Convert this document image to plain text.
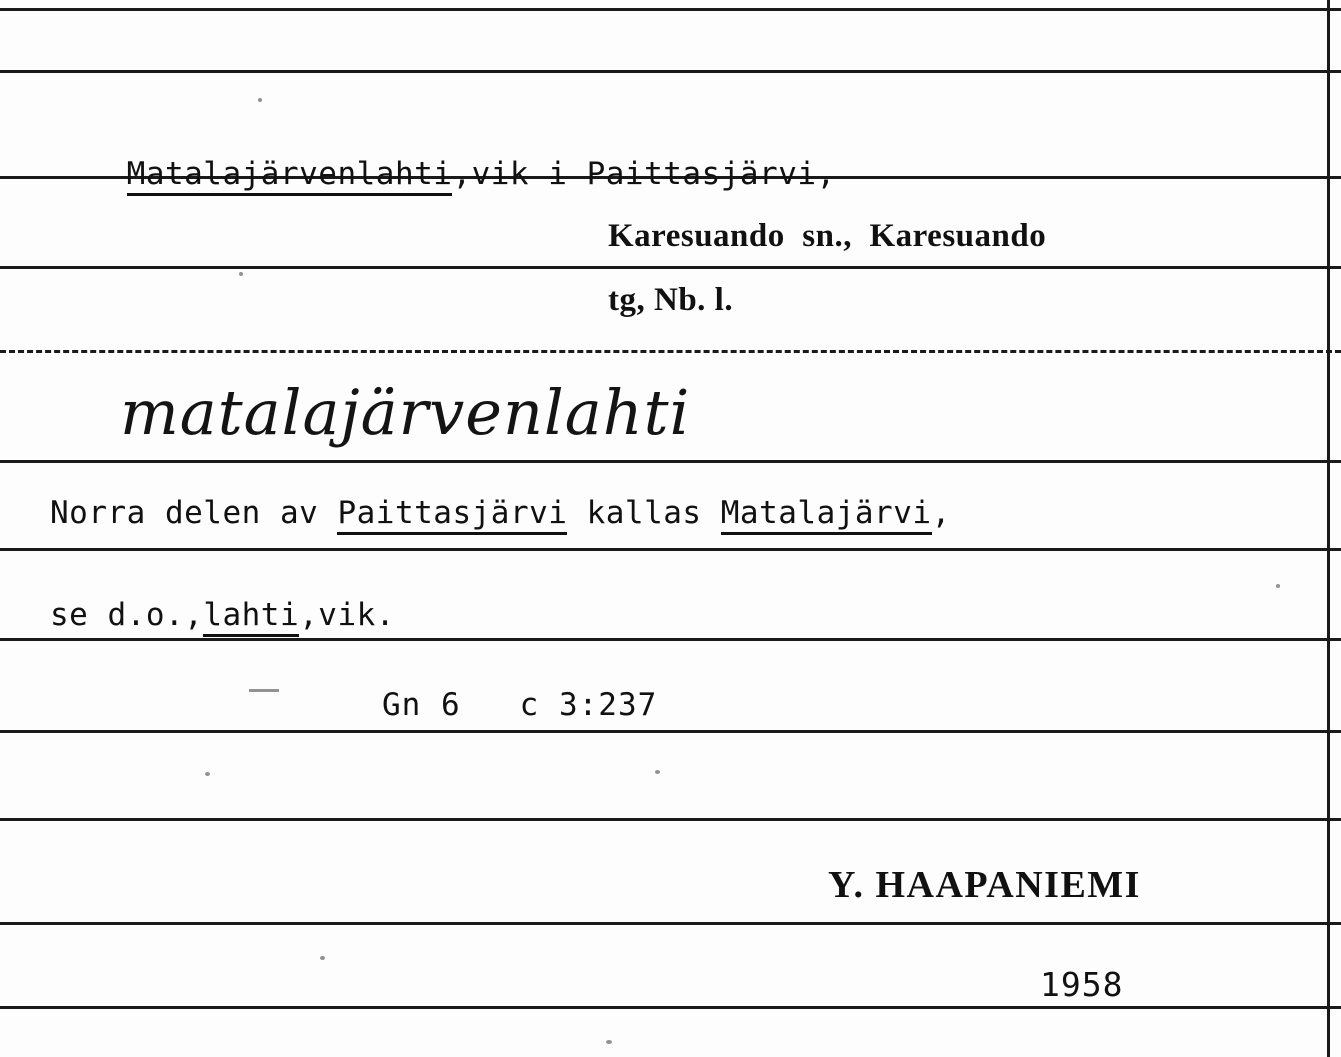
Matalajärvenlahti,vik i Paittasjärvi,

Karesuando  sn.,  Karesuando
tg, Nb. l.
matalajärvenlahti
Norra delen av Paittasjärvi kallas Matalajärvi,
se d.o.,lahti,vik.
Gn 6   c 3:237
Y. HAAPANIEMI
1958
